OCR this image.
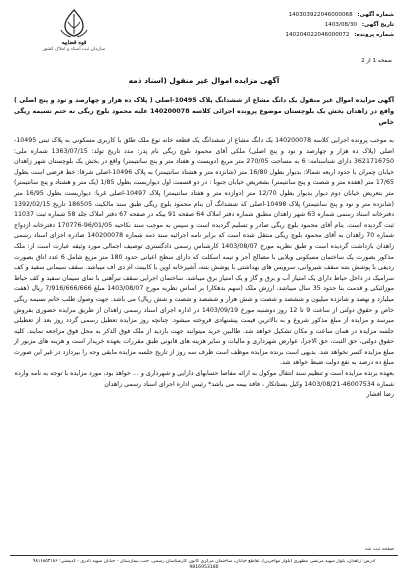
شماره آگهی: 140303922046000068
تاریخ آگهی: 1403/08/30
شماره پرونده: 140204022046000072
قوه قضاییه
سازمان ثبت اسناد و املاک کشور
صفحه 1 از 2
آگهی مزایده اموال غیر منقول (اسناد ذمه
آگهی مزایده اموال غیر منقول یک دانگ مشاع از ششدانگ پلاک 10495-اصلی ( پلاک ده هزار و چهارصد و نود و پنج اصلی ) واقع در زاهدان بخش یک بلوچستان موضوع پرونده اجرائی کلاسه 140200078 علیه محمود بلوچ ریگی نه ختم نسیمه ریگی خاص
به موجب پرونده اجرایی کلاسه 140200078 یک دانگ مشاع از ششدانگ یک قطعه خانه نوع ملک طلق با کاربری مسکونی به پلاک ثبتی 10495-اصلی (پلاک ده هزار و چهارصد و نود و پنج اصلی) ملکی آقای محمود بلوچ ریگی نام پدر: مدد تاریخ تولد: 1363/07/15 شماره ملی: 3621716750 دارای شناسنامه: 6 به مساحت 270/05 متر مربع (دویست و هفتاد متر و پنج سانتیمتر) واقع در بخش یک بلوچستان شهر زاهدان خیابان چمران با حدود اربعه شمالا: بدیوار بطول 16/80 متر (شانزده متر و هشتاد سانتیمتر) به پلاک 10496-اصلی شرقا: خط فرضی است بطول 17/65 متر (هفده متر و شصت و پنج سانتیمتر) بشعریض خیابان جنوبا : در دو قسمت اول دیواریست بطول 1/85 (یک متر و هشتاد و پنج سانتیمتر) متر بتعریض خیابان دوم دیوار بدیوار بطول 12/70 متر (دوازده متر و هفتاد سانتیمتر) پلاک 10497-اصلی غربا: دیواریست بطول 16/95 متر (شانزده متر و نود و پنج سانتیمتر) پلاک 10498-اصلی که ششدانگ آن بنام محمود بلوچ ریگی طبق سند مالکیت 186505 تاریخ 1392/02/15 دفترخانه اسناد رسمی شماره 63 شهر زاهدان مطبق شماره دفتر املاک 64 صفحه 91 بیکه در صفحه 67 دفتر املاک جلد 58 شماره ثبت 11037 ثبت گردیده است. بنام آقای محمود بلوچ ریگی صادر و تسلیم گردیده است و سپس به موجب سند نکاحیه 96/01/05-170776 دفترخانه ازدواج شماره 70 زاهدان به آقای محمود بلوچ ریگی منتقل شده است که برابر نامه اجرائیه سند ذمه شماره 140200078 صادره اجرای اسناد رسمی زاهدان بازداشت گردیده است و طبق نظریه مورخ 1403/08/07 کارشناس رسمی دادگستری توصیف اجمالی مورد وثیقه عبارت است از: ملک مذکور بصورت یک ساختمان مسکونی ویلایی با مصالح آجر و نیمه اسکلت که دارای سطح اعیانی حدود 180 متر مربع شامل 6 عدد اتاق بصورت ردیفی با پوشش بتنه سقف شیروانی، سرویس های بهداشتی با پوشش بتنه، آشپزخانه اوپن با کابینت ام دی اف میباشد. سقف سیمانی سفید و کف سرامیک در داخل حیاط دارای یک امتیاز آب و برق و گاز و یک امتیاز برق میباشد. ساختمان اجرایی سقف تیرآهنی با نمای سیمان سفید و کف حیاط موزائیکی و قدمت بنا حدود 35 سال میباشد. ارزش ملک (سهم بدهکار) بر اساس نظریه مورخ 1403/08/07 مبلغ 7/916/666/666 ریال (هفت میلیارد و نهصد و شانزده میلیون و ششصد و شصت و شش هزار و ششصد و شصت و شش ریال) می باشد. جهت وصول طلب خانم نسیمه ریگی خاص و حقوق دولتی از ساعت 9 تا 12 روز دوشنبه مورخ 1403/09/19 در اداره اجرای اسناد رسمی زاهدان از طریق مزایده حضوری بفروش میرسد و مزایده از مبلغ مذکور شروع و به بالاترین قیمت پیشنهادی فروخته میشود. چنانچه روز مزایده تعطیل رسمی گردد روز بعد از تعطیلی جلسه مزایده در همان ساعت و مکان تشکیل خواهد شد. طالبین خرید میتوانند جهت بازدید از ملک فوق الذکر به محل فوق مراجعه نمایند. کلیه حقوق دولتی، حق الثبت، حق الاجرا، عوارض شهرداری و مالیات و سایر هزینه های قانونی طبق مقررات بعهده خریدار است و هزینه های مزبور از مبلغ مزایده کسر نخواهد شد. بدیهی است برنده مزایده موظف است ظرف سه روز از تاریخ جلسه مزایده مابقی وجه را بپردازد در غیر این صورت مبلغ ده درصد به نفع دولت ضبط خواهد شد.
بعهده برنده مزایده است و تنظیم سند انتقال موکول به ارائه مفاصا حسابهای دارایی و شهرداری و ... خواهد بود، مورد مزایده با توجه به نامه وارده شماره 46007534-1403/08/21 وکیل بستانکار ، فاقد بیمه می باشد* رئیس اداره اجرای اسناد رسمی زاهدان
رضا افشار
صفحه ثبت شد
آدرس: زاهدان، بلوار شهید مرتضی مطهری (بلوار مهاجرین)، تقاطع خیابان، ساختمان مرکزی کانون کارشناسان رسمی، جنب بیمارستان - خیابان شهید نادری - کدپستی: ۹۸۱۶۸۵۳۱۸۶
9816953186
